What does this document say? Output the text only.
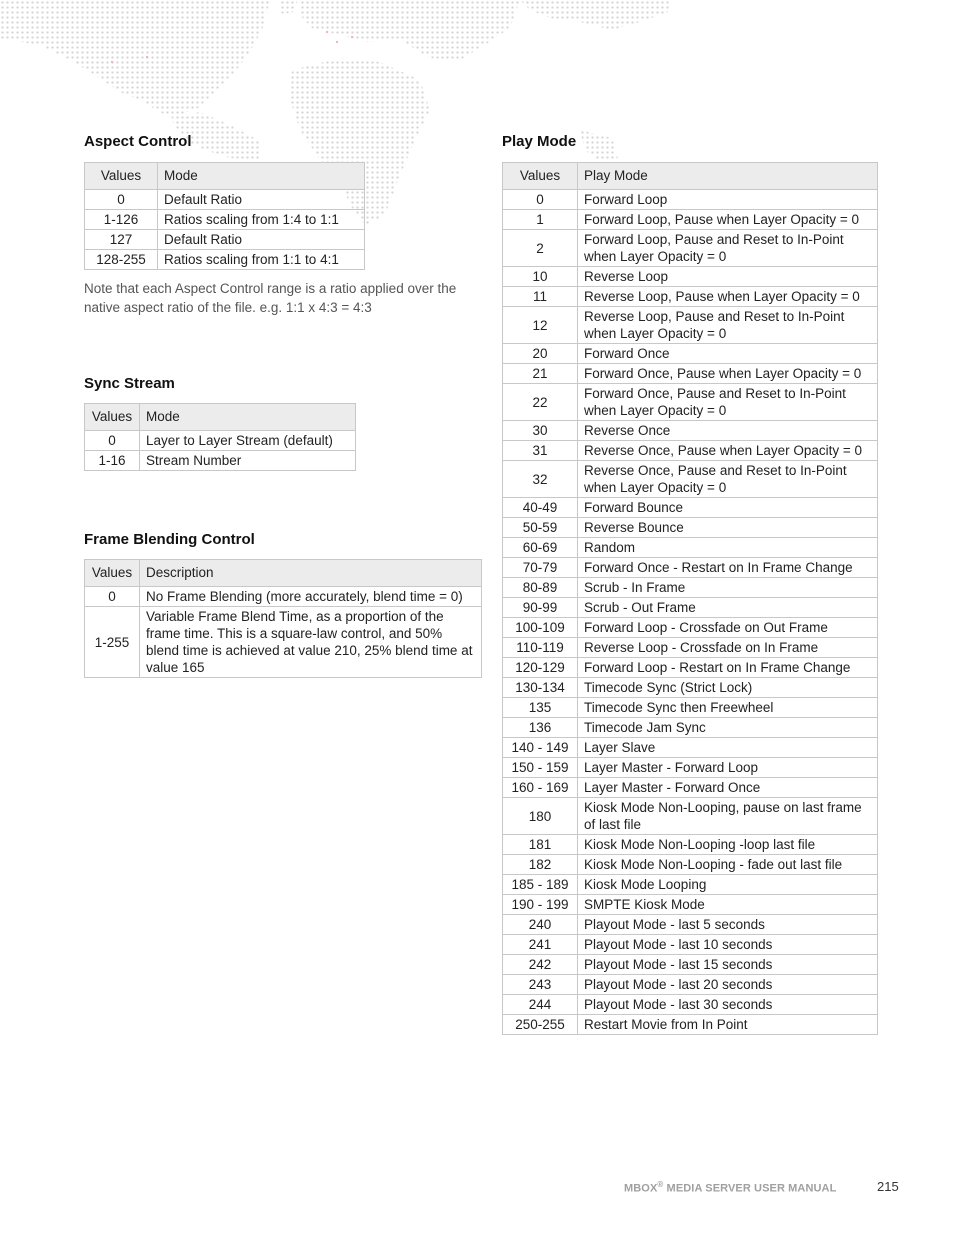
Aspect Control
Values	Mode
0	Default Ratio
1-126	Ratios scaling from 1:4 to 1:1
127	Default Ratio
128-255	Ratios scaling from 1:1 to 4:1

Note that each Aspect Control range is a ratio applied over the native aspect ratio of the file. e.g. 1:1 x 4:3 = 4:3

Sync Stream
Values	Mode
0	Layer to Layer Stream (default)
1-16	Stream Number
Frame Blending Control
Values	Description
0	No Frame Blending (more accurately, blend time = 0)
1-255	Variable Frame Blend Time, as a proportion of the frame time. This is a square-law control, and 50% blend time is achieved at value 210, 25% blend time at value 165
Play Mode
Values	Play Mode
0	Forward Loop
1	Forward Loop, Pause when Layer Opacity = 0
2	Forward Loop, Pause and Reset to In-Point when Layer Opacity = 0
10	Reverse Loop
11	Reverse Loop, Pause when Layer Opacity = 0
12	Reverse Loop, Pause and Reset to In-Point when Layer Opacity = 0
20	Forward Once
21	Forward Once, Pause when Layer Opacity = 0
22	Forward Once, Pause and Reset to In-Point when Layer Opacity = 0
30	Reverse Once
31	Reverse Once, Pause when Layer Opacity = 0
32	Reverse Once, Pause and Reset to In-Point when Layer Opacity = 0
40-49	Forward Bounce
50-59	Reverse Bounce
60-69	Random
70-79	Forward Once - Restart on In Frame Change
80-89	Scrub - In Frame
90-99	Scrub - Out Frame
100-109	Forward Loop - Crossfade on Out Frame
110-119	Reverse Loop - Crossfade on In Frame
120-129	Forward Loop - Restart on In Frame Change
130-134	Timecode Sync (Strict Lock)
135	Timecode Sync then Freewheel
136	Timecode Jam Sync
140 - 149	Layer Slave
150 - 159	Layer Master - Forward Loop
160 - 169	Layer Master - Forward Once
180	Kiosk Mode Non-Looping, pause on last frame of last file
181	Kiosk Mode Non-Looping -loop last file
182	Kiosk Mode Non-Looping - fade out last file
185 - 189	Kiosk Mode Looping
190 - 199	SMPTE Kiosk Mode
240	Playout Mode - last 5 seconds
241	Playout Mode - last 10 seconds
242	Playout Mode - last 15 seconds
243	Playout Mode - last 20 seconds
244	Playout Mode - last 30 seconds
250-255	Restart Movie from In Point
MBOX® MEDIA SERVER USER MANUAL	215
